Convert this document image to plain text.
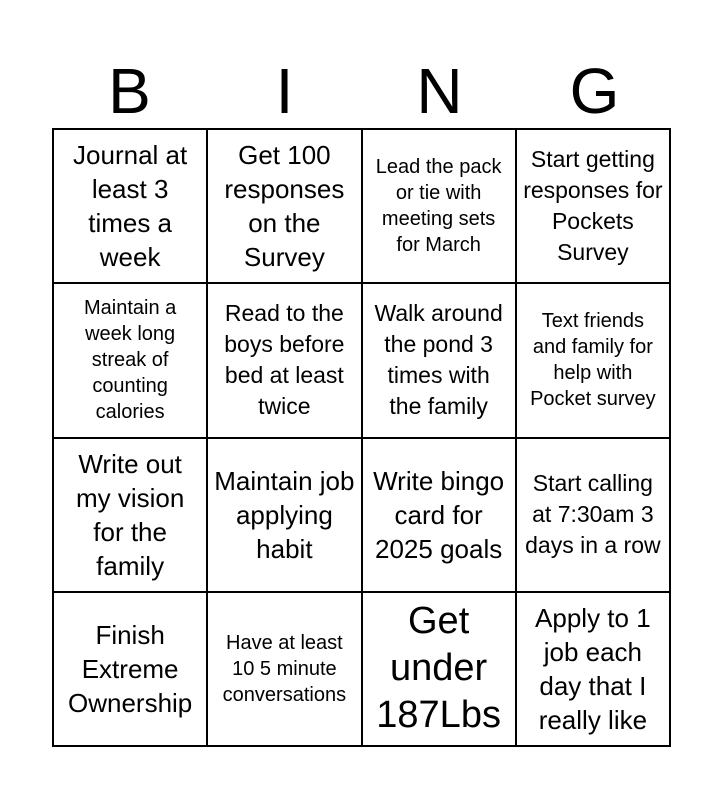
B	I	N	G
Journal at least 3 times a week
Get 100 responses on the Survey
Lead the pack or tie with meeting sets for March
Start getting responses for Pockets Survey
Maintain a week long streak of counting calories
Read to the boys before bed at least twice
Walk around the pond 3 times with the family
Text friends and family for help with Pocket survey
Write out my vision for the family
Maintain job applying habit
Write bingo card for 2025 goals
Start calling at 7:30am 3 days in a row
Finish Extreme Ownership
Have at least 10 5 minute conversations
Get under 187Lbs
Apply to 1 job each day that I really like
